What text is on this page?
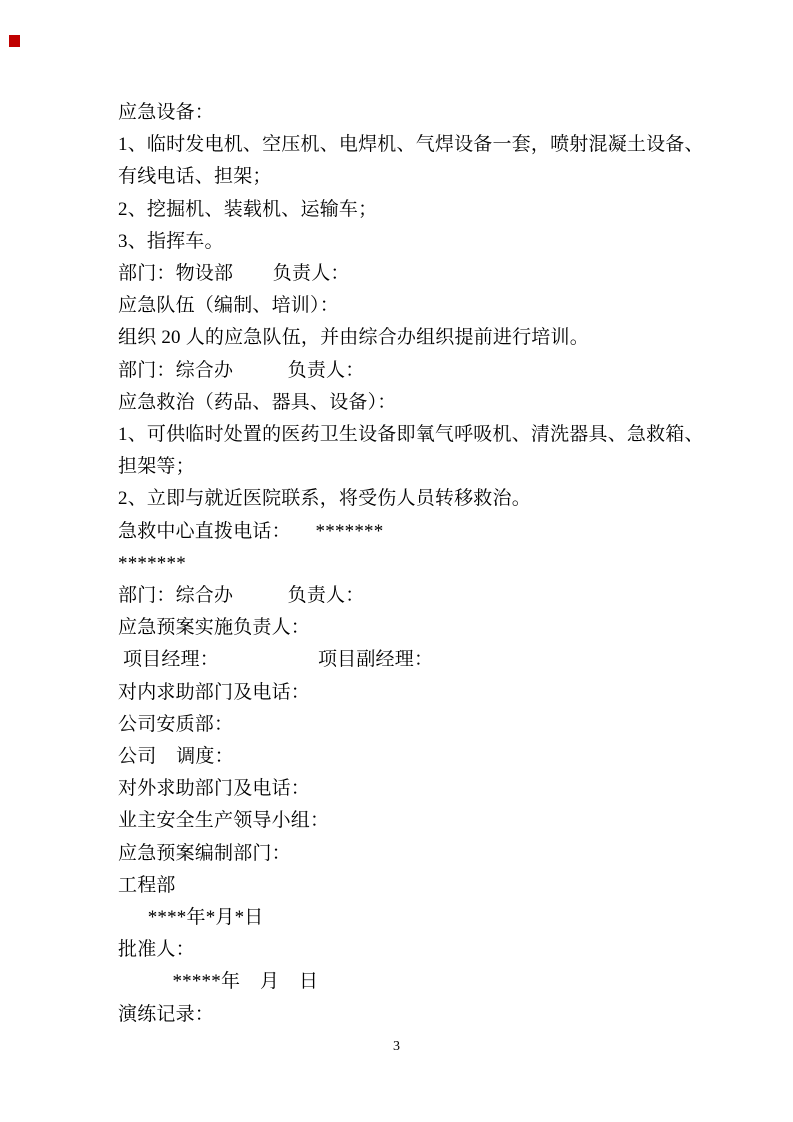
应急设备：

1、临时发电机、空压机、电焊机、气焊设备一套，喷射混凝土设备、

有线电话、担架；

2、挖掘机、装载机、运输车；

3、指挥车。

部门：物设部        负责人：

应急队伍（编制、培训）：

组织 20 人的应急队伍，并由综合办组织提前进行培训。

部门：综合办           负责人：

应急救治（药品、器具、设备）：

1、可供临时处置的医药卫生设备即氧气呼吸机、清洗器具、急救箱、

担架等；

2、立即与就近医院联系，将受伤人员转移救治。

急救中心直拨电话：     *******

*******

部门：综合办           负责人：

应急预案实施负责人：

项目经理：                    项目副经理：

对内求助部门及电话：

公司安质部：

公司    调度：

对外求助部门及电话：

业主安全生产领导小组：

应急预案编制部门：

工程部

****年*月*日

批准人：

*****年    月    日

演练记录：

3
